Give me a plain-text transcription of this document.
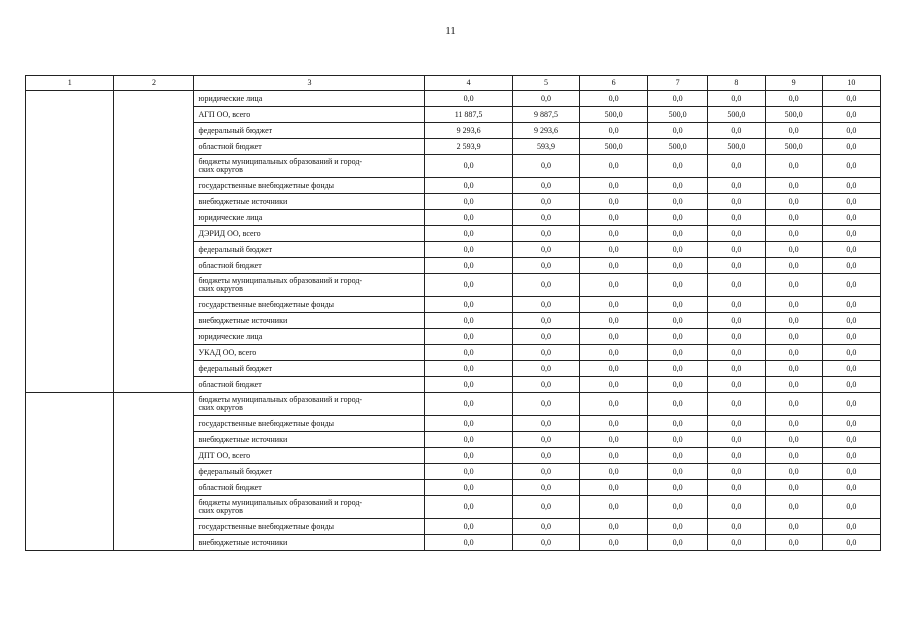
11
1	2	3	4	5	6	7	8	9	10
		юридические лица	0,0	0,0	0,0	0,0	0,0	0,0	0,0
		АГП ОО, всего	11 887,5	9 887,5	500,0	500,0	500,0	500,0	0,0
		федеральный бюджет	9 293,6	9 293,6	0,0	0,0	0,0	0,0	0,0
		областной бюджет	2 593,9	593,9	500,0	500,0	500,0	500,0	0,0
		бюджеты муниципальных образований и город-
ских округов	0,0	0,0	0,0	0,0	0,0	0,0	0,0
		государственные внебюджетные фонды	0,0	0,0	0,0	0,0	0,0	0,0	0,0
		внебюджетные источники	0,0	0,0	0,0	0,0	0,0	0,0	0,0
		юридические лица	0,0	0,0	0,0	0,0	0,0	0,0	0,0
		ДЭРИД ОО, всего	0,0	0,0	0,0	0,0	0,0	0,0	0,0
		федеральный бюджет	0,0	0,0	0,0	0,0	0,0	0,0	0,0
		областной бюджет	0,0	0,0	0,0	0,0	0,0	0,0	0,0
		бюджеты муниципальных образований и город-
ских округов	0,0	0,0	0,0	0,0	0,0	0,0	0,0
		государственные внебюджетные фонды	0,0	0,0	0,0	0,0	0,0	0,0	0,0
		внебюджетные источники	0,0	0,0	0,0	0,0	0,0	0,0	0,0
		юридические лица	0,0	0,0	0,0	0,0	0,0	0,0	0,0
		УКАД ОО, всего	0,0	0,0	0,0	0,0	0,0	0,0	0,0
		федеральный бюджет	0,0	0,0	0,0	0,0	0,0	0,0	0,0
		областной бюджет	0,0	0,0	0,0	0,0	0,0	0,0	0,0
		бюджеты муниципальных образований и город-
ских округов	0,0	0,0	0,0	0,0	0,0	0,0	0,0
		государственные внебюджетные фонды	0,0	0,0	0,0	0,0	0,0	0,0	0,0
		внебюджетные источники	0,0	0,0	0,0	0,0	0,0	0,0	0,0
		ДПТ ОО, всего	0,0	0,0	0,0	0,0	0,0	0,0	0,0
		федеральный бюджет	0,0	0,0	0,0	0,0	0,0	0,0	0,0
		областной бюджет	0,0	0,0	0,0	0,0	0,0	0,0	0,0
		бюджеты муниципальных образований и город-
ских округов	0,0	0,0	0,0	0,0	0,0	0,0	0,0
		государственные внебюджетные фонды	0,0	0,0	0,0	0,0	0,0	0,0	0,0
		внебюджетные источники	0,0	0,0	0,0	0,0	0,0	0,0	0,0
